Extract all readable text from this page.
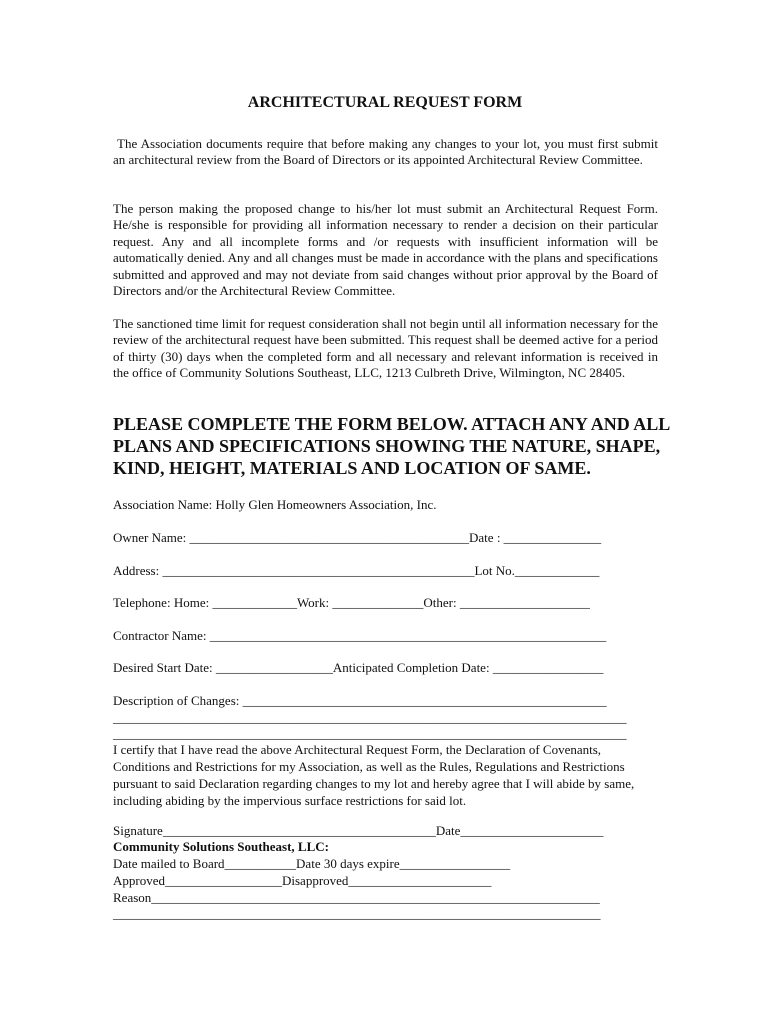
ARCHITECTURAL REQUEST FORM

The Association documents require that before making any changes to your lot, you must first submit an architectural review from the Board of Directors or its appointed Architectural Review Committee.

The person making the proposed change to his/her lot must submit an Architectural Request Form. He/she is responsible for providing all information necessary to render a decision on their particular request. Any and all incomplete forms and /or requests with insufficient information will be automatically denied. Any and all changes must be made in accordance with the plans and specifications submitted and approved and may not deviate from said changes without prior approval by the Board of Directors and/or the Architectural Review Committee.

The sanctioned time limit for request consideration shall not begin until all information necessary for the review of the architectural request have been submitted. This request shall be deemed active for a period of thirty (30) days when the completed form and all necessary and relevant information is received in the office of Community Solutions Southeast, LLC, 1213 Culbreth Drive, Wilmington, NC 28405.

PLEASE COMPLETE THE FORM BELOW. ATTACH ANY AND ALL PLANS AND SPECIFICATIONS SHOWING THE NATURE, SHAPE, KIND, HEIGHT, MATERIALS AND LOCATION OF SAME.

Association Name: Holly Glen Homeowners Association, Inc.

Owner Name: ___________________________________________Date : _______________

Address: ________________________________________________Lot No._____________

Telephone: Home: _____________Work: ______________Other: ____________________

Contractor Name: _____________________________________________________________

Desired Start Date: __________________Anticipated Completion Date: _________________

Description of Changes: ________________________________________________________

_______________________________________________________________________________

_______________________________________________________________________________

I certify that I have read the above Architectural Request Form, the Declaration of Covenants, Conditions and Restrictions for my Association, as well as the Rules, Regulations and Restrictions pursuant to said Declaration regarding changes to my lot and hereby agree that I will abide by same, including abiding by the impervious surface restrictions for said lot.

Signature__________________________________________Date______________________

Community Solutions Southeast, LLC:

Date mailed to Board___________Date 30 days expire_________________

Approved__________________Disapproved______________________

Reason_____________________________________________________________________

___________________________________________________________________________
